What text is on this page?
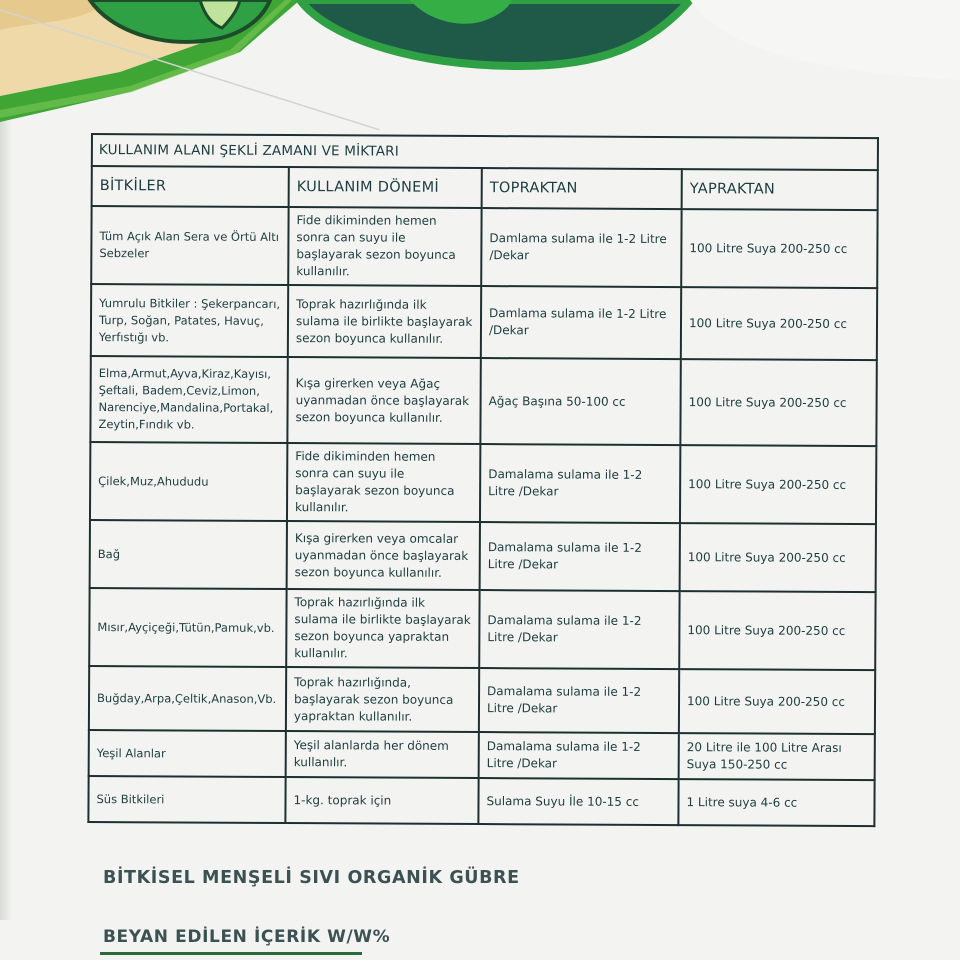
KULLANIM ALANI ŞEKLİ ZAMANI VE MİKTARI			
BİTKİLER	KULLANIM DÖNEMİ	TOPRAKTAN	YAPRAKTAN
Tüm Açık Alan Sera ve Örtü Altı Sebzeler	Fide dikiminden hemen sonra can suyu ile başlayarak sezon boyunca kullanılır.	Damlama sulama ile 1-2 Litre /Dekar	100 Litre Suya 200-250 cc
Yumrulu Bitkiler : Şekerpancarı, Turp, Soğan, Patates, Havuç, Yerfıstığı vb.	Toprak hazırlığında ilk sulama ile birlikte başlayarak sezon boyunca kullanılır.	Damlama sulama ile 1-2 Litre /Dekar	100 Litre Suya 200-250 cc
Elma,Armut,Ayva,Kiraz,Kayısı, Şeftali, Badem,Ceviz,Limon, Narenciye,Mandalina,Portakal, Zeytin,Fındık vb.	Kışa girerken veya Ağaç uyanmadan önce başlayarak sezon boyunca kullanılır.	Ağaç Başına 50-100 cc	100 Litre Suya 200-250 cc
Çilek,Muz,Ahududu	Fide dikiminden hemen sonra can suyu ile başlayarak sezon boyunca kullanılır.	Damalama sulama ile 1-2 Litre /Dekar	100 Litre Suya 200-250 cc
Bağ	Kışa girerken veya omcalar uyanmadan önce başlayarak sezon boyunca kullanılır.	Damalama sulama ile 1-2 Litre /Dekar	100 Litre Suya 200-250 cc
Mısır,Ayçiçeği,Tütün,Pamuk,vb.	Toprak hazırlığında ilk sulama ile birlikte başlayarak sezon boyunca yapraktan kullanılır.	Damalama sulama ile 1-2 Litre /Dekar	100 Litre Suya 200-250 cc
Buğday,Arpa,Çeltik,Anason,Vb.	Toprak hazırlığında, başlayarak sezon boyunca yapraktan kullanılır.	Damalama sulama ile 1-2 Litre /Dekar	100 Litre Suya 200-250 cc
Yeşil Alanlar	Yeşil alanlarda her dönem kullanılır.	Damalama sulama ile 1-2 Litre /Dekar	20 Litre ile 100 Litre Arası Suya 150-250 cc
Süs Bitkileri	1-kg. toprak için	Sulama Suyu İle 10-15 cc	1 Litre suya 4-6 cc
BİTKİSEL MENŞELİ SIVI ORGANİK GÜBRE
BEYAN EDİLEN İÇERİK W/W%
